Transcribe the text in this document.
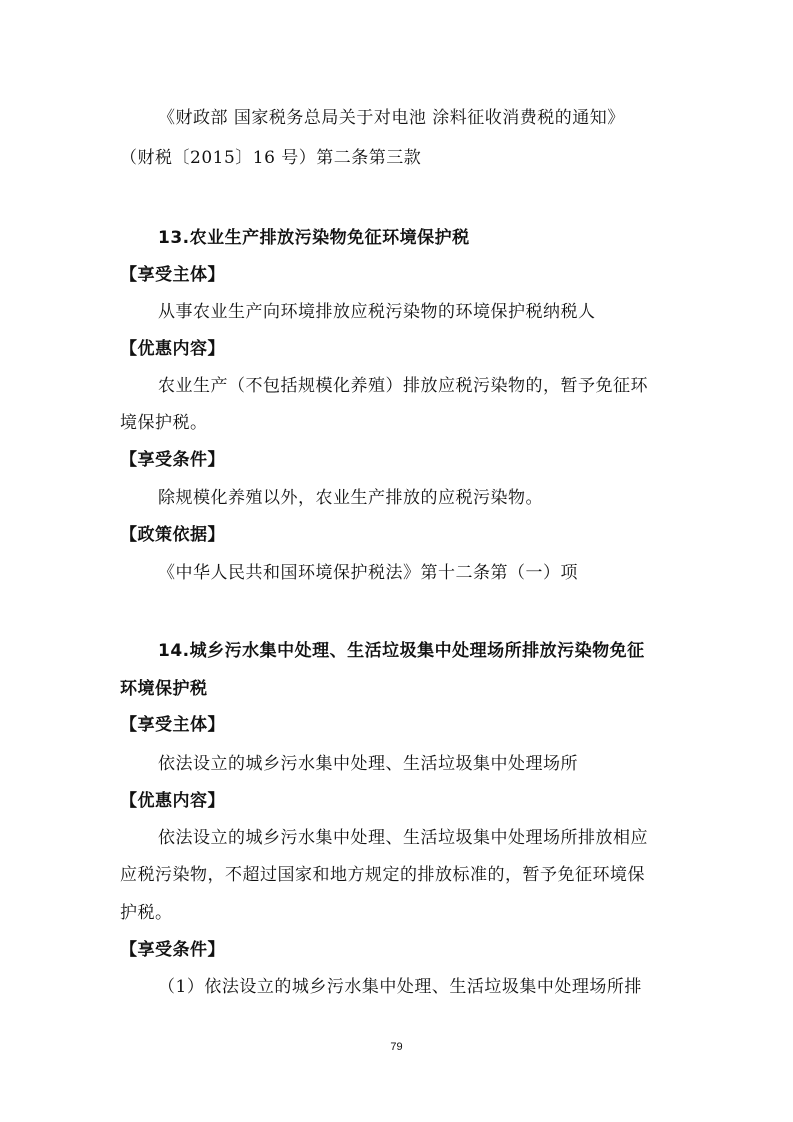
《财政部 国家税务总局关于对电池 涂料征收消费税的通知》
（财税〔2015〕16 号）第二条第三款
13.农业生产排放污染物免征环境保护税
【享受主体】
从事农业生产向环境排放应税污染物的环境保护税纳税人
【优惠内容】
农业生产（不包括规模化养殖）排放应税污染物的，暂予免征环
境保护税。
【享受条件】
除规模化养殖以外，农业生产排放的应税污染物。
【政策依据】
《中华人民共和国环境保护税法》第十二条第（一）项
14.城乡污水集中处理、生活垃圾集中处理场所排放污染物免征
环境保护税
【享受主体】
依法设立的城乡污水集中处理、生活垃圾集中处理场所
【优惠内容】
依法设立的城乡污水集中处理、生活垃圾集中处理场所排放相应
应税污染物，不超过国家和地方规定的排放标准的，暂予免征环境保
护税。
【享受条件】
（1）依法设立的城乡污水集中处理、生活垃圾集中处理场所排
79
